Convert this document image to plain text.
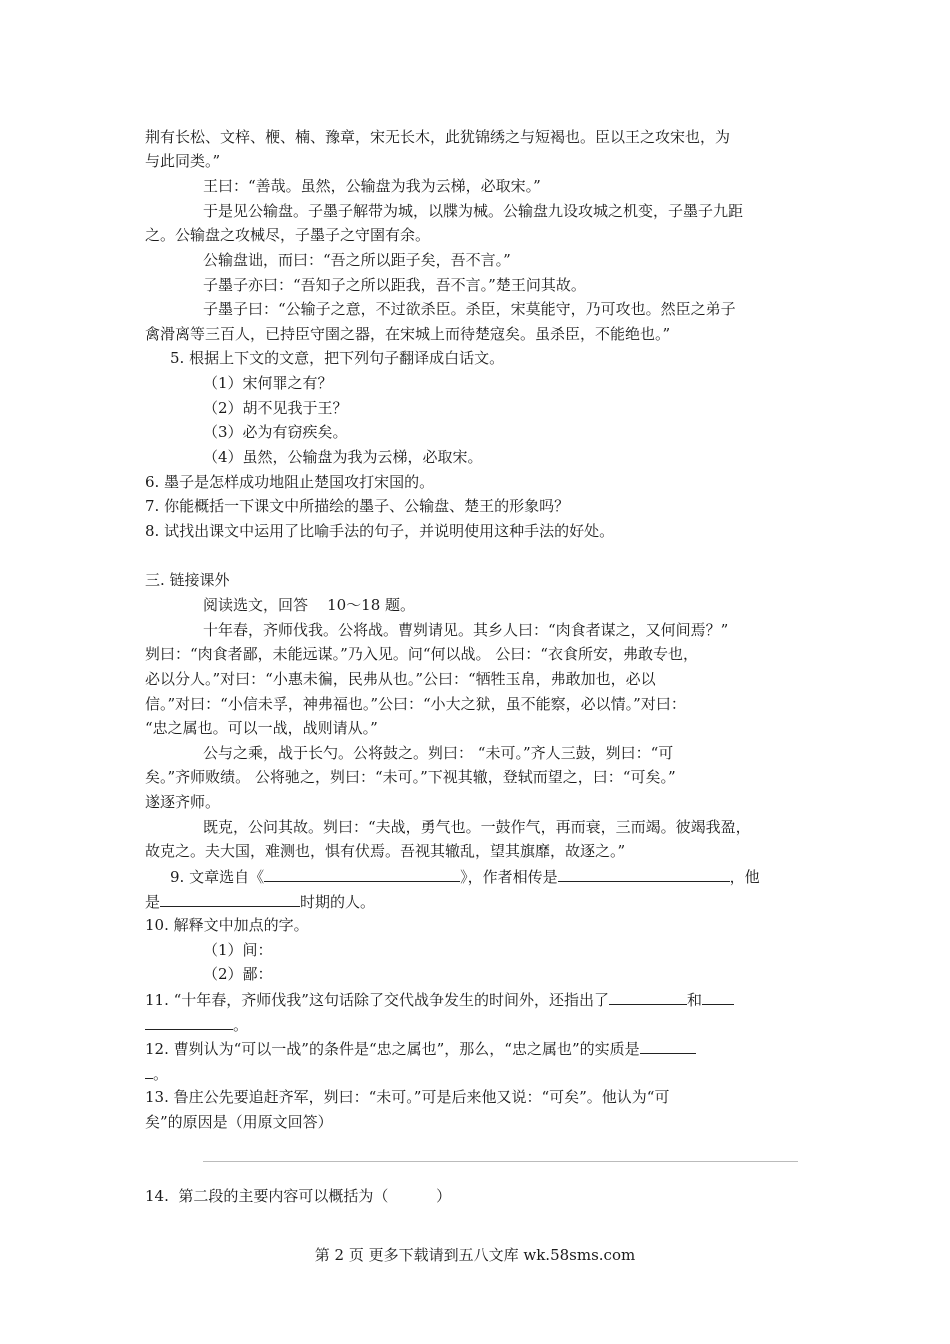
荆有长松、文梓、楩、楠、豫章，宋无长木，此犹锦绣之与短褐也。臣以王之攻宋也，为
与此同类。”
王曰：“善哉。虽然，公输盘为我为云梯，必取宋。”
于是见公输盘。子墨子解带为城，以牒为械。公输盘九设攻城之机变，子墨子九距
之。公输盘之攻械尽，子墨子之守圉有余。
公输盘诎，而曰：“吾之所以距子矣，吾不言。”
子墨子亦曰：“吾知子之所以距我，吾不言。”楚王问其故。
子墨子曰：“公输子之意，不过欲杀臣。杀臣，宋莫能守，乃可攻也。然臣之弟子
禽滑离等三百人，已持臣守圉之器，在宋城上而待楚寇矣。虽杀臣，不能绝也。”
5. 根据上下文的文意，把下列句子翻译成白话文。
（1）宋何罪之有？
（2）胡不见我于王？
（3）必为有窃疾矣。
（4）虽然，公输盘为我为云梯，必取宋。
6. 墨子是怎样成功地阻止楚国攻打宋国的。
7. 你能概括一下课文中所描绘的墨子、公输盘、楚王的形象吗？
8. 试找出课文中运用了比喻手法的句子，并说明使用这种手法的好处。
三. 链接课外
阅读选文，回答    10～18 题。
十年春，齐师伐我。公将战。曹刿请见。其乡人曰：“肉食者谋之，又何间焉？”
刿曰：“肉食者鄙，未能远谋。”乃入见。问“何以战。 公曰：“衣食所安，弗敢专也，
必以分人。”对曰：“小惠未徧，民弗从也。”公曰：“牺牲玉帛，弗敢加也，必以
信。”对曰：“小信未孚，神弗福也。”公曰：“小大之狱，虽不能察，必以情。”对曰：
“忠之属也。可以一战，战则请从。”
公与之乘，战于长勺。公将鼓之。刿曰： “未可。”齐人三鼓，刿曰：“可
矣。”齐师败绩。 公将驰之，刿曰：“未可。”下视其辙，登轼而望之，曰：“可矣。”
遂逐齐师。
既克，公问其故。刿曰：“夫战，勇气也。一鼓作气，再而衰，三而竭。彼竭我盈，
故克之。夫大国，难测也，惧有伏焉。吾视其辙乱，望其旗靡，故逐之。”
9. 文章选自《	》，作者相传是	，他
是	时期的人。
10. 解释文中加点的字。
（1）间：
（2）鄙：
11. “十年春，齐师伐我”这句话除了交代战争发生的时间外，还指出了	和
。
12. 曹刿认为“可以一战”的条件是“忠之属也”，那么，“忠之属也”的实质是
。
13. 鲁庄公先要追赶齐军，刿曰：“未可。”可是后来他又说：“可矣”。他认为“可
矣”的原因是（用原文回答）
14.  第二段的主要内容可以概括为（          ）
第 2 页 更多下载请到五八文库 wk.58sms.com
